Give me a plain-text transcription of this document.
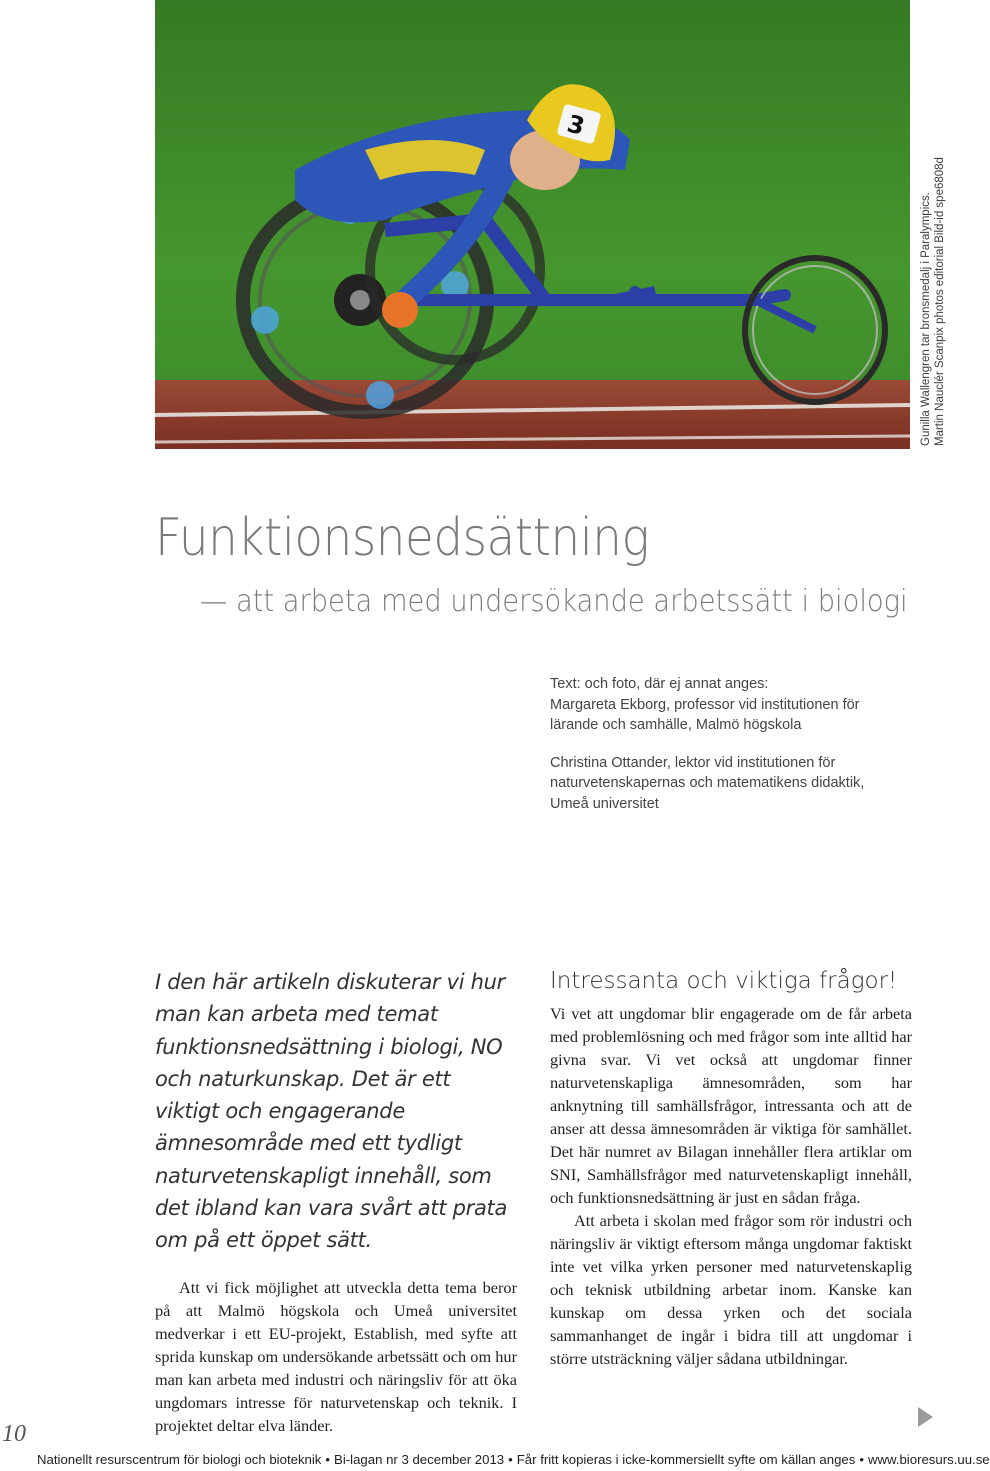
3
Gunilla Wallengren tar bronsmedalj i Paralympics. Martin Nauclér Scanpix photos editorial Bild-id spe6808d
Funktionsnedsättning
— att arbeta med undersökande arbetssätt i biologi

Text: och foto, där ej annat anges:

Margareta Ekborg, professor vid institutionen för

lärande och samhälle, Malmö högskola

Christina Ottander, lektor vid institutionen för

naturvetenskapernas och matematikens didaktik,

Umeå universitet

I den här artikeln diskuterar vi hur man kan arbeta med temat funktionsnedsättning i biologi, NO och naturkunskap. Det är ett viktigt och engagerande ämnesområde med ett tydligt naturvetenskapligt innehåll, som det ibland kan vara svårt att prata om på ett öppet sätt.

Att vi fick möjlighet att utveckla detta tema beror på att Malmö högskola och Umeå universitet medverkar i ett EU-projekt, Establish, med syfte att sprida kunskap om undersökande arbetssätt och om hur man kan arbeta med industri och näringsliv för att öka ungdomars intresse för naturvetenskap och teknik. I projektet deltar elva länder.

Intressanta och viktiga frågor!

Vi vet att ungdomar blir engagerade om de får arbeta med problemlösning och med frågor som inte alltid har givna svar. Vi vet också att ungdomar finner naturvetenskapliga ämnesområden, som har anknytning till samhällsfrågor, intressanta och att de anser att dessa ämnesområden är viktiga för samhället. Det här numret av Bilagan innehåller flera artiklar om SNI, Samhällsfrågor med naturvetenskapligt innehåll, och funktionsnedsättning är just en sådan fråga.

Att arbeta i skolan med frågor som rör industri och näringsliv är viktigt eftersom många ungdomar faktiskt inte vet vilka yrken personer med naturvetenskaplig och teknisk utbildning arbetar inom. Kanske kan kunskap om dessa yrken och det sociala sammanhanget de ingår i bidra till att ungdomar i större utsträckning väljer sådana utbildningar.

10
Nationellt resurscentrum för biologi och bioteknik • Bi-lagan nr 3 december 2013 • Får fritt kopieras i icke-kommersiellt syfte om källan anges • www.bioresurs.uu.se
